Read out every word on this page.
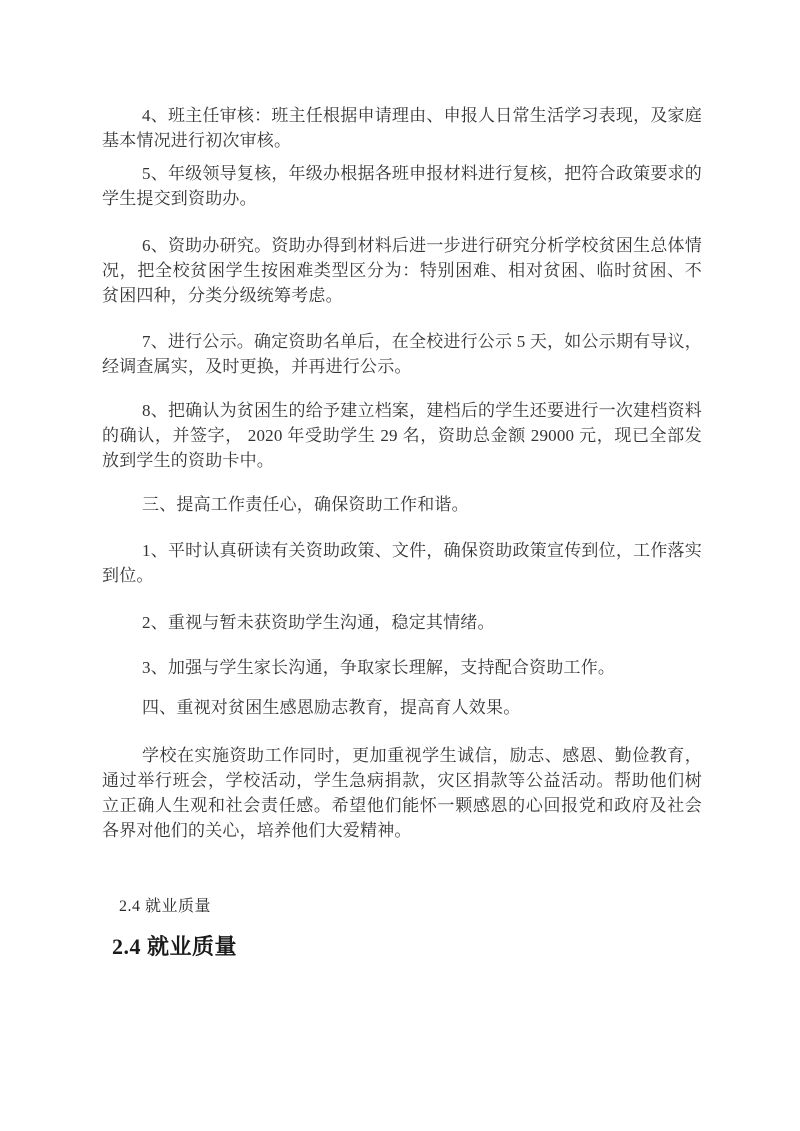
4、班主任审核：班主任根据申请理由、申报人日常生活学习表现，及家庭基本情况进行初次审核。

5、年级领导复核，年级办根据各班申报材料进行复核，把符合政策要求的学生提交到资助办。

6、资助办研究。资助办得到材料后进一步进行研究分析学校贫困生总体情况，把全校贫困学生按困难类型区分为：特别困难、相对贫困、临时贫困、不贫困四种，分类分级统筹考虑。

7、进行公示。确定资助名单后，在全校进行公示 5 天，如公示期有导议，经调查属实，及时更换，并再进行公示。

8、把确认为贫困生的给予建立档案，建档后的学生还要进行一次建档资料的确认，并签字， 2020 年受助学生 29 名，资助总金额 29000 元，现已全部发放到学生的资助卡中。

三、提高工作责任心，确保资助工作和谐。

1、平时认真研读有关资助政策、文件，确保资助政策宣传到位，工作落实到位。

2、重视与暂未获资助学生沟通，稳定其情绪。

3、加强与学生家长沟通，争取家长理解，支持配合资助工作。

四、重视对贫困生感恩励志教育，提高育人效果。

学校在实施资助工作同时，更加重视学生诚信，励志、感恩、勤俭教育，通过举行班会，学校活动，学生急病捐款，灾区捐款等公益活动。帮助他们树立正确人生观和社会责任感。希望他们能怀一颗感恩的心回报党和政府及社会各界对他们的关心，培养他们大爱精神。

2.4 就业质量

2.4 就业质量
